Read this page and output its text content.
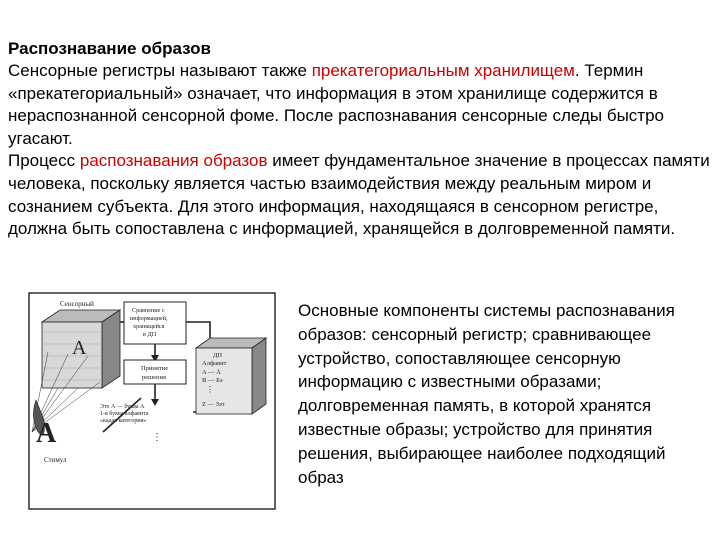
Распознавание образов

Сенсорные регистры называют также прекатегориальным хранилищем. Термин «прекатегориальный» означает, что информация в этом хранилище содержится в нераспознанной сенсорной фоме. После распознавания сенсорные следы быстро угасают.

Процесс распознавания образов имеет фундаментальное значение в процессах памяти человека, поскольку является частью взаимодействия между реальным миром и сознанием субъекта. Для этого информация, находящаяся в сенсорном регистре, должна быть сопоставлена с информацией, хранящейся в долговременной памяти.

Сенсорный
A
Сравнение с
информацией,
хранящейся
в ДП
Принятие
решения
ДП
Алфавит
A — Ā
B — Бэ
⋮
Z — Зэт
Это А — буква А
1-я буква алфавита
«кадая категория»
⋮
A
Стимул
Основные компоненты системы распознавания образов: сенсорный регистр; сравнивающее устройство, сопоставляющее сенсорную информацию с известными образами; долговременная память, в которой хранятся известные образы; устройство для принятия решения, выбирающее наиболее подходящий образ
